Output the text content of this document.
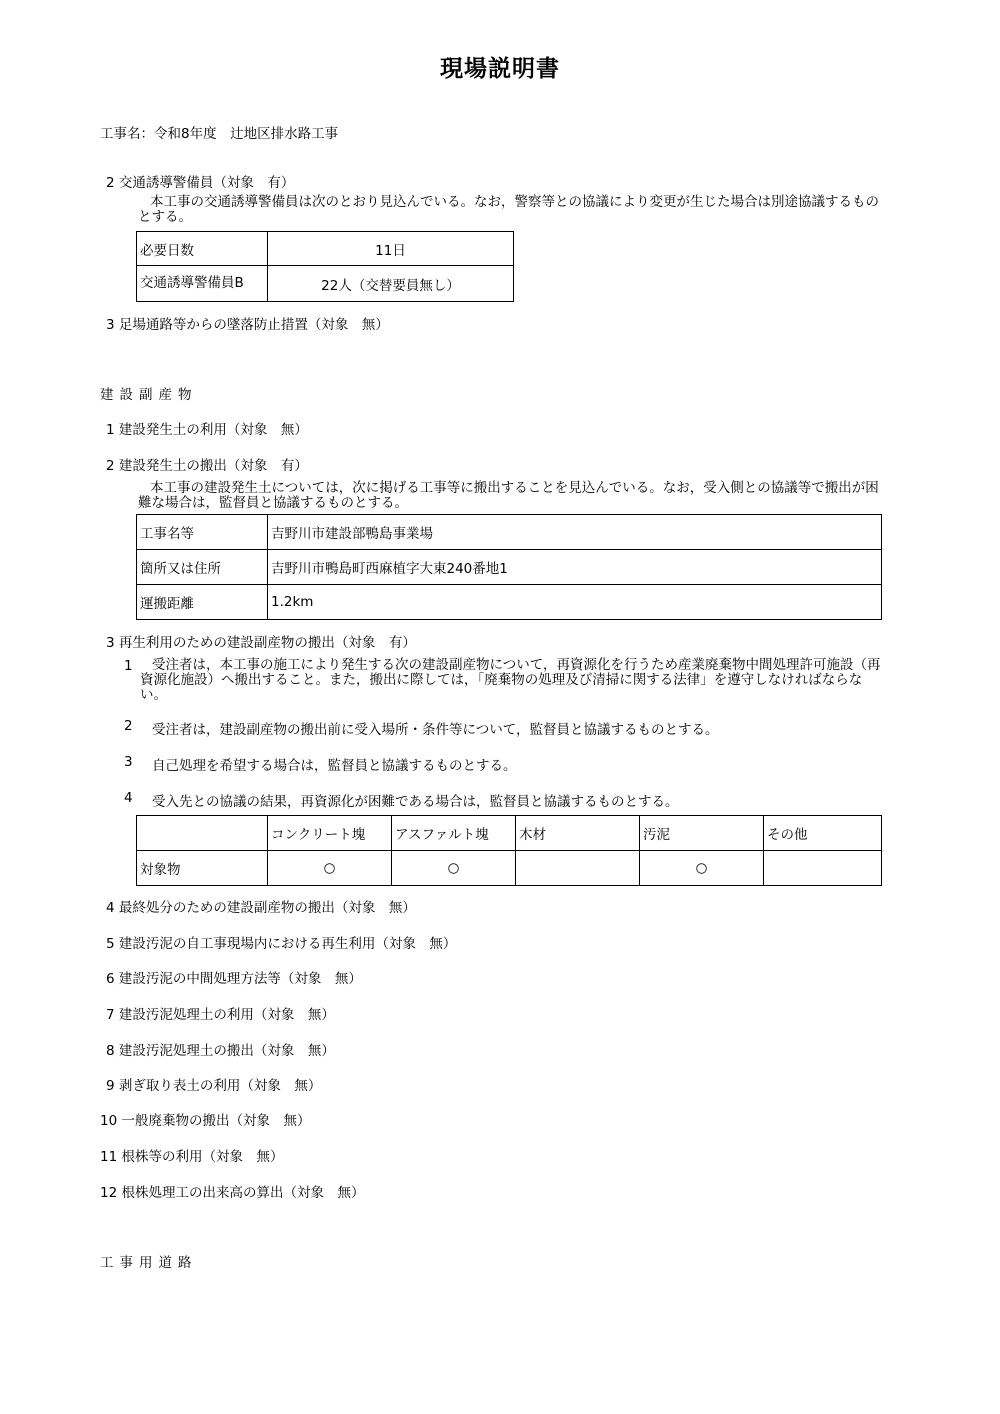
現場説明書
工事名：令和8年度　辻地区排水路工事
2 交通誘導警備員（対象　有）
本工事の交通誘導警備員は次のとおり見込んでいる。なお，警察等との協議により変更が生じた場合は別途協議するものとする。
必要日数	11日
交通誘導警備員B	22人（交替要員無し）
3 足場通路等からの墜落防止措置（対象　無）
建設副産物
1 建設発生土の利用（対象　無）
2 建設発生土の搬出（対象　有）
本工事の建設発生土については，次に掲げる工事等に搬出することを見込んでいる。なお，受入側との協議等で搬出が困難な場合は，監督員と協議するものとする。
工事名等	吉野川市建設部鴨島事業場
箇所又は住所	吉野川市鴨島町西麻植字大東240番地1
運搬距離	1.2km
3 再生利用のための建設副産物の搬出（対象　有）
1	受注者は，本工事の施工により発生する次の建設副産物について，再資源化を行うため産業廃棄物中間処理許可施設（再資源化施設）へ搬出すること。また，搬出に際しては，「廃棄物の処理及び清掃に関する法律」を遵守しなければならない。
2 受注者は，建設副産物の搬出前に受入場所・条件等について，監督員と協議するものとする。
3 自己処理を希望する場合は，監督員と協議するものとする。
4 受入先との協議の結果，再資源化が困難である場合は，監督員と協議するものとする。
	コンクリート塊	アスファルト塊	木材	汚泥	その他
対象物	○	○		○	
4 最終処分のための建設副産物の搬出（対象　無）
5 建設汚泥の自工事現場内における再生利用（対象　無）
6 建設汚泥の中間処理方法等（対象　無）
7 建設汚泥処理土の利用（対象　無）
8 建設汚泥処理土の搬出（対象　無）
9 剥ぎ取り表土の利用（対象　無）
10 一般廃棄物の搬出（対象　無）
11 根株等の利用（対象　無）
12 根株処理工の出来高の算出（対象　無）
工事用道路
